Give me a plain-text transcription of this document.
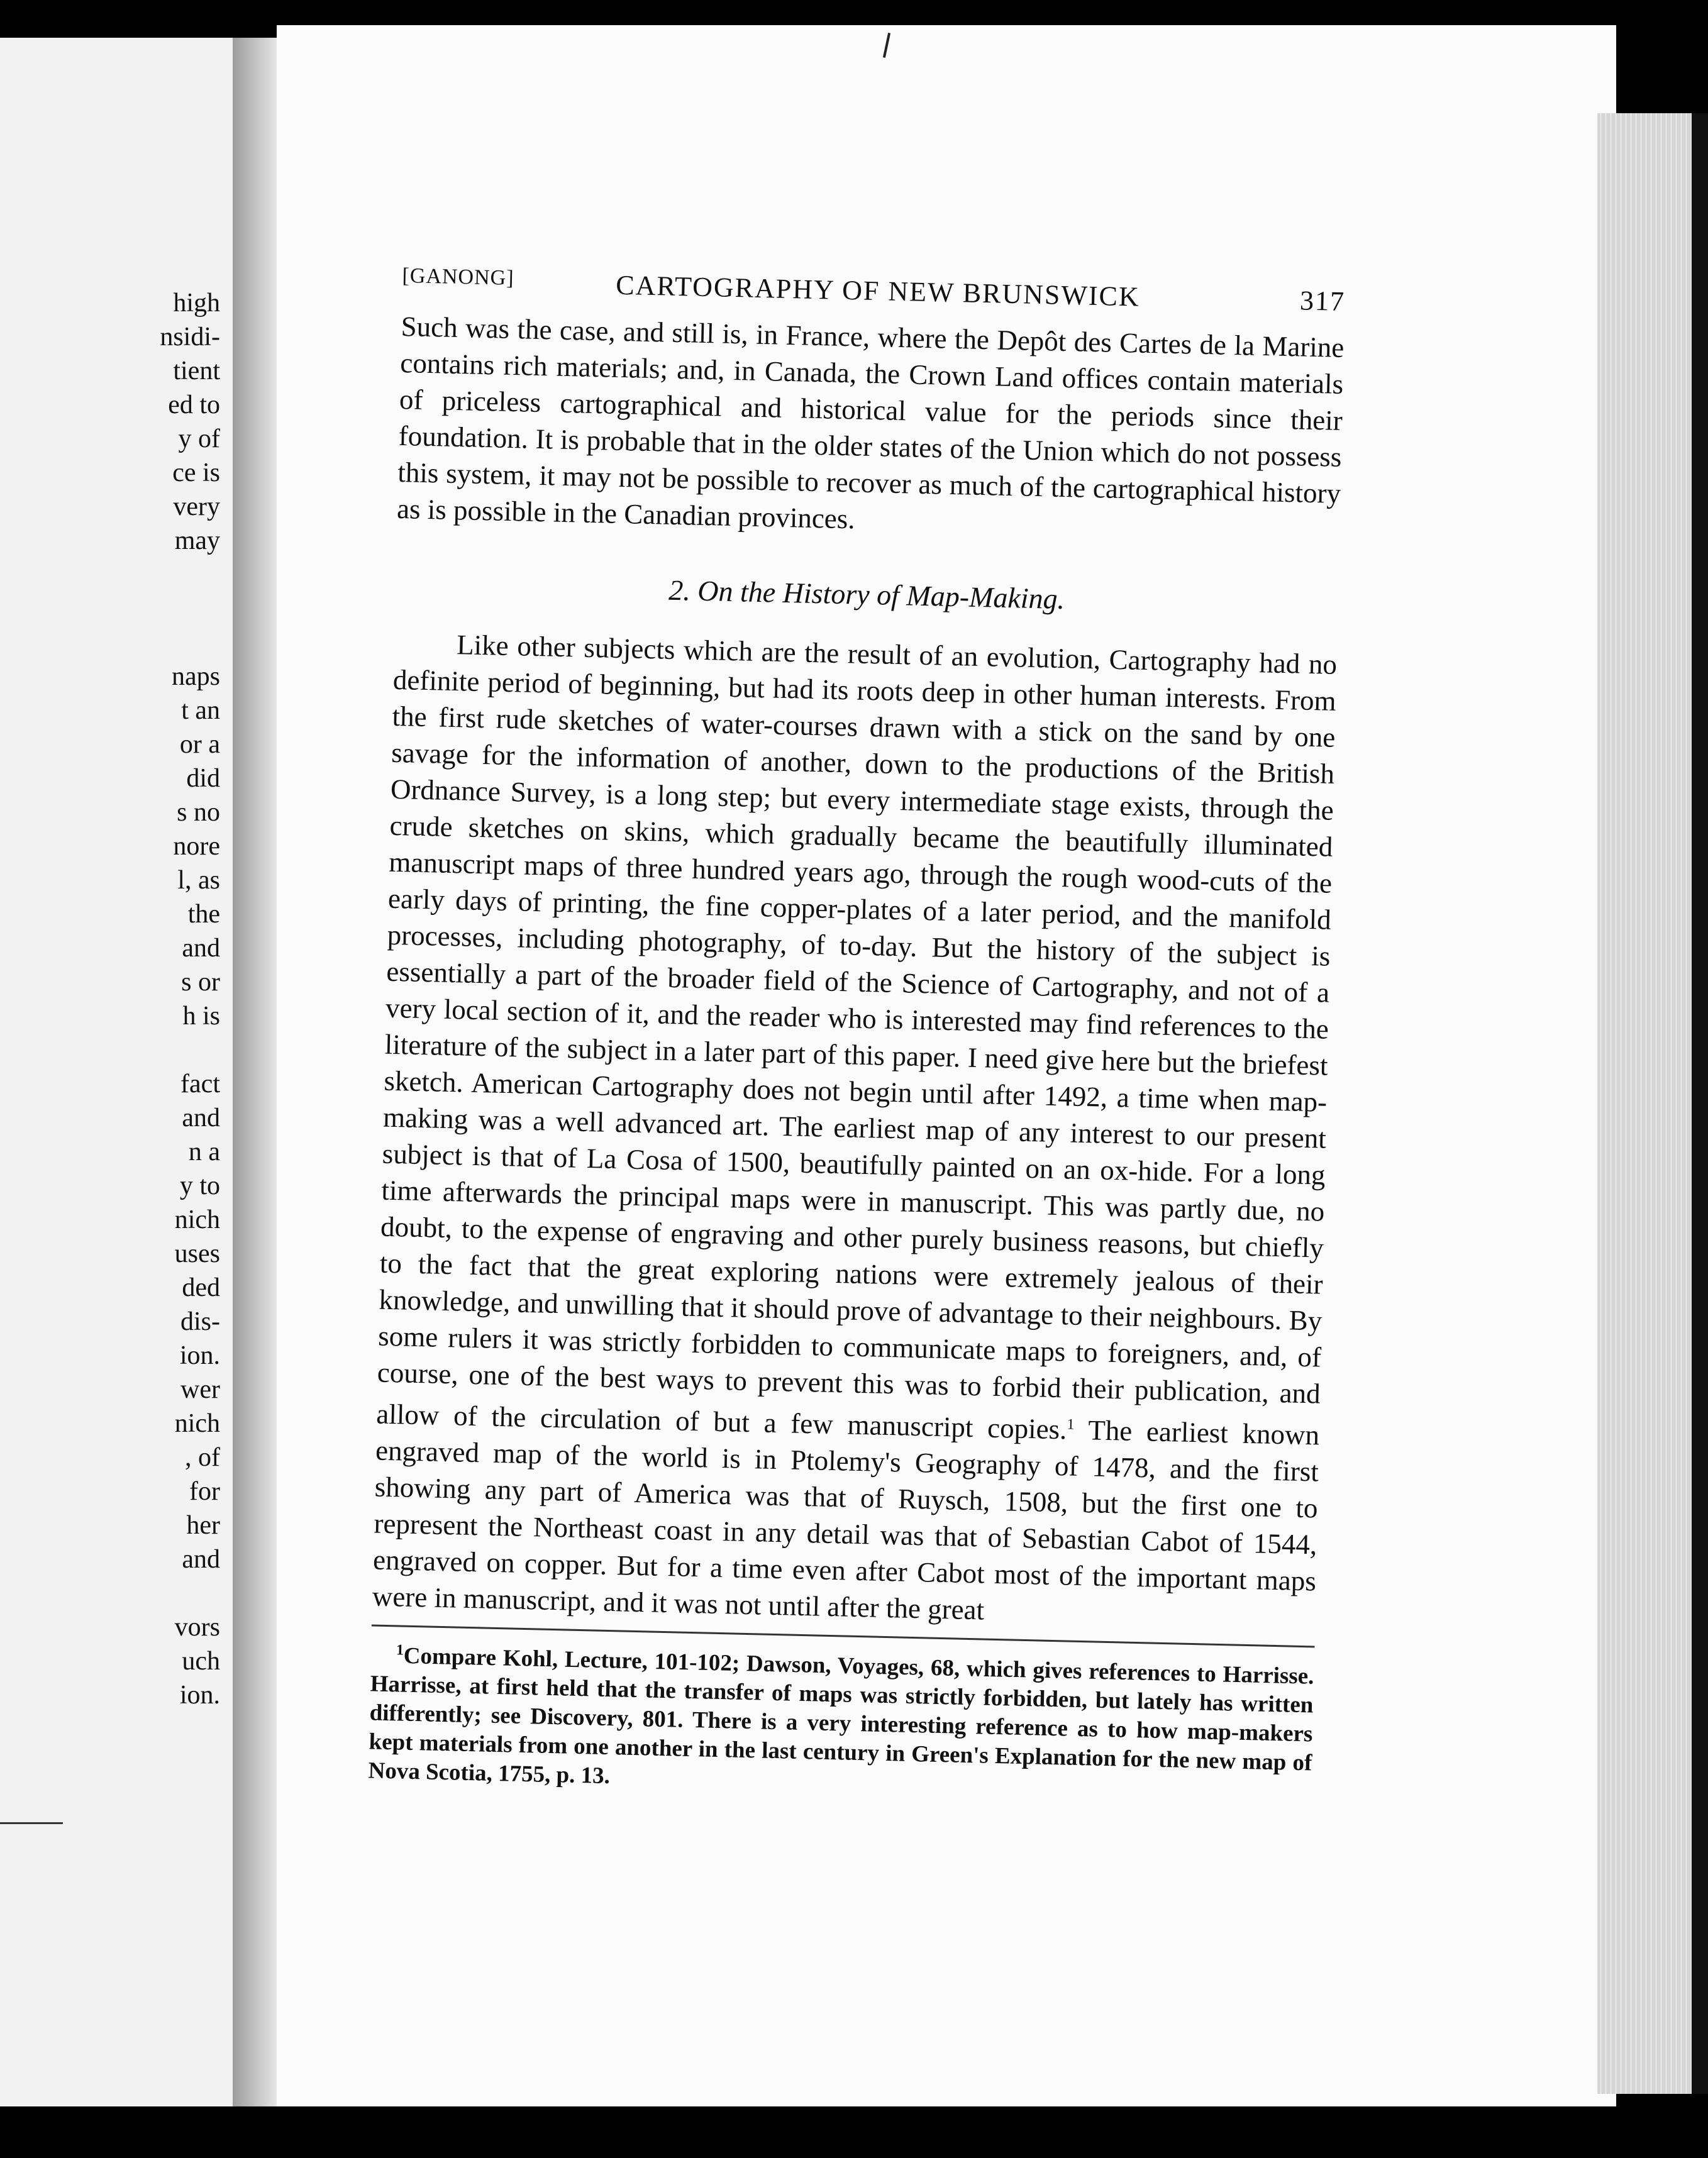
high
nsidi-
tient
ed to
y of
ce is
very
may

naps
t an
or a
did
s no
nore
l, as
the
and
s or
h is

fact
and
n a
y to
nich
uses
ded
dis-
ion.
wer
nich
, of
for
her
and

vors
uch
ion.
[GANONG]	CARTOGRAPHY OF NEW BRUNSWICK	317

Such was the case, and still is, in France, where the Depôt des Cartes de la Marine contains rich materials; and, in Canada, the Crown Land offices contain materials of priceless cartographical and historical value for the periods since their foundation. It is probable that in the older states of the Union which do not possess this system, it may not be possible to recover as much of the cartographical history as is possible in the Canadian provinces.

2. On the History of Map-Making.

Like other subjects which are the result of an evolution, Cartography had no definite period of beginning, but had its roots deep in other human interests. From the first rude sketches of water-courses drawn with a stick on the sand by one savage for the information of another, down to the productions of the British Ordnance Survey, is a long step; but every intermediate stage exists, through the crude sketches on skins, which gradually became the beautifully illuminated manuscript maps of three hundred years ago, through the rough wood-cuts of the early days of printing, the fine copper-plates of a later period, and the manifold processes, including photography, of to-day. But the history of the subject is essentially a part of the broader field of the Science of Cartography, and not of a very local section of it, and the reader who is interested may find references to the literature of the subject in a later part of this paper. I need give here but the briefest sketch. American Cartography does not begin until after 1492, a time when map-making was a well advanced art. The earliest map of any interest to our present subject is that of La Cosa of 1500, beautifully painted on an ox-hide. For a long time afterwards the principal maps were in manuscript. This was partly due, no doubt, to the expense of engraving and other purely business reasons, but chiefly to the fact that the great exploring nations were extremely jealous of their knowledge, and unwilling that it should prove of advantage to their neighbours. By some rulers it was strictly forbidden to communicate maps to foreigners, and, of course, one of the best ways to prevent this was to forbid their publication, and allow of the circulation of but a few manuscript copies.$^1$ The earliest known engraved map of the world is in Ptolemy's Geography of 1478, and the first showing any part of America was that of Ruysch, 1508, but the first one to represent the Northeast coast in any detail was that of Sebastian Cabot of 1544, engraved on copper. But for a time even after Cabot most of the important maps were in manuscript, and it was not until after the great

$^1$Compare Kohl, Lecture, 101-102; Dawson, Voyages, 68, which gives references to Harrisse. Harrisse, at first held that the transfer of maps was strictly forbidden, but lately has written differently; see Discovery, 801. There is a very interesting reference as to how map-makers kept materials from one another in the last century in Green's Explanation for the new map of Nova Scotia, 1755, p. 13.
